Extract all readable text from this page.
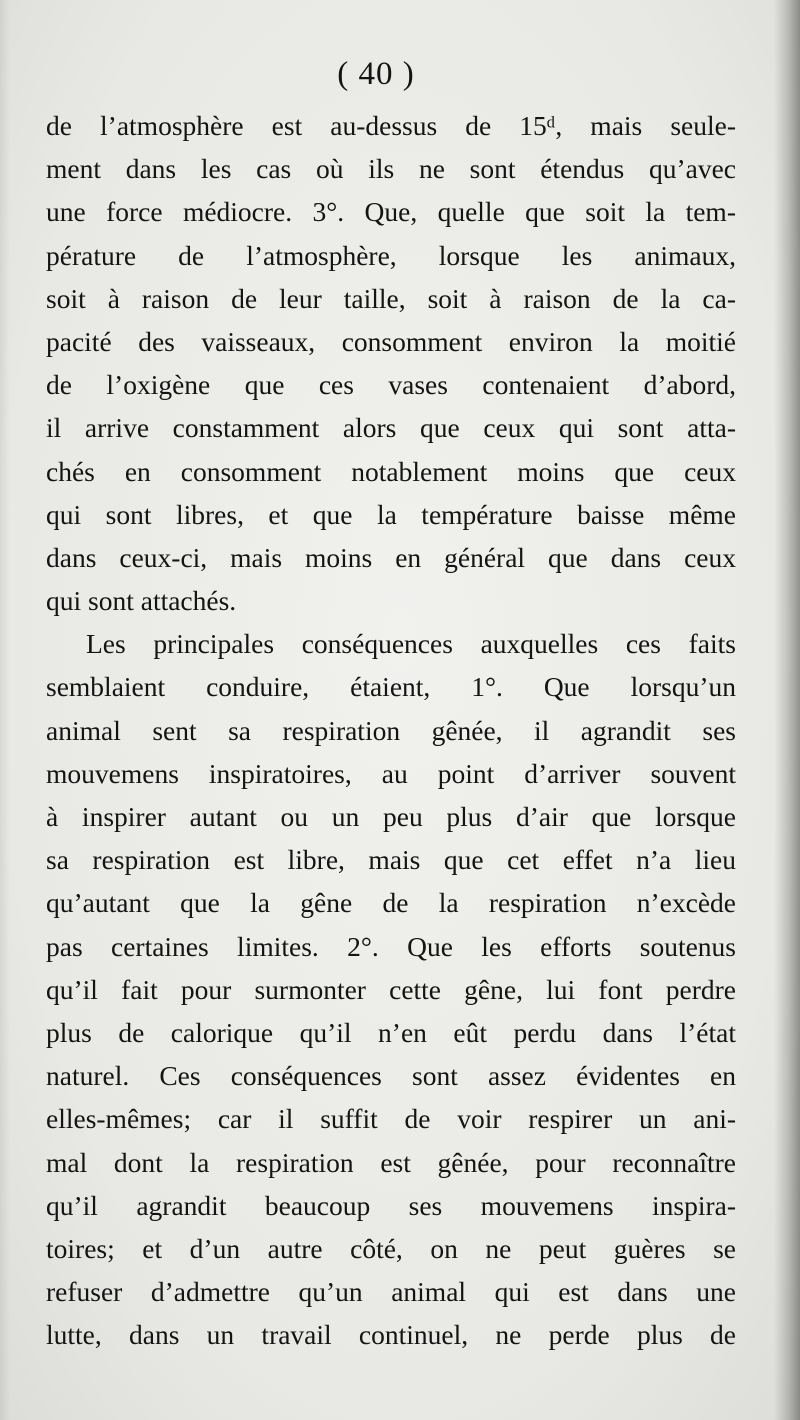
( 40 )
de l’atmosphère est au-dessus de 15ᵈ, mais seule-
ment dans les cas où ils ne sont étendus qu’avec
une force médiocre. 3°. Que, quelle que soit la tem-
pérature de l’atmosphère, lorsque les animaux,
soit à raison de leur taille, soit à raison de la ca-
pacité des vaisseaux, consomment environ la moitié
de l’oxigène que ces vases contenaient d’abord,
il arrive constamment alors que ceux qui sont atta-
chés en consomment notablement moins que ceux
qui sont libres, et que la température baisse même
dans ceux-ci, mais moins en général que dans ceux
qui sont attachés.
Les principales conséquences auxquelles ces faits
semblaient conduire, étaient, 1°. Que lorsqu’un
animal sent sa respiration gênée, il agrandit ses
mouvemens inspiratoires, au point d’arriver souvent
à inspirer autant ou un peu plus d’air que lorsque
sa respiration est libre, mais que cet effet n’a lieu
qu’autant que la gêne de la respiration n’excède
pas certaines limites. 2°. Que les efforts soutenus
qu’il fait pour surmonter cette gêne, lui font perdre
plus de calorique qu’il n’en eût perdu dans l’état
naturel. Ces conséquences sont assez évidentes en
elles-mêmes; car il suffit de voir respirer un ani-
mal dont la respiration est gênée, pour reconnaître
qu’il agrandit beaucoup ses mouvemens inspira-
toires; et d’un autre côté, on ne peut guères se
refuser d’admettre qu’un animal qui est dans une
lutte, dans un travail continuel, ne perde plus de
